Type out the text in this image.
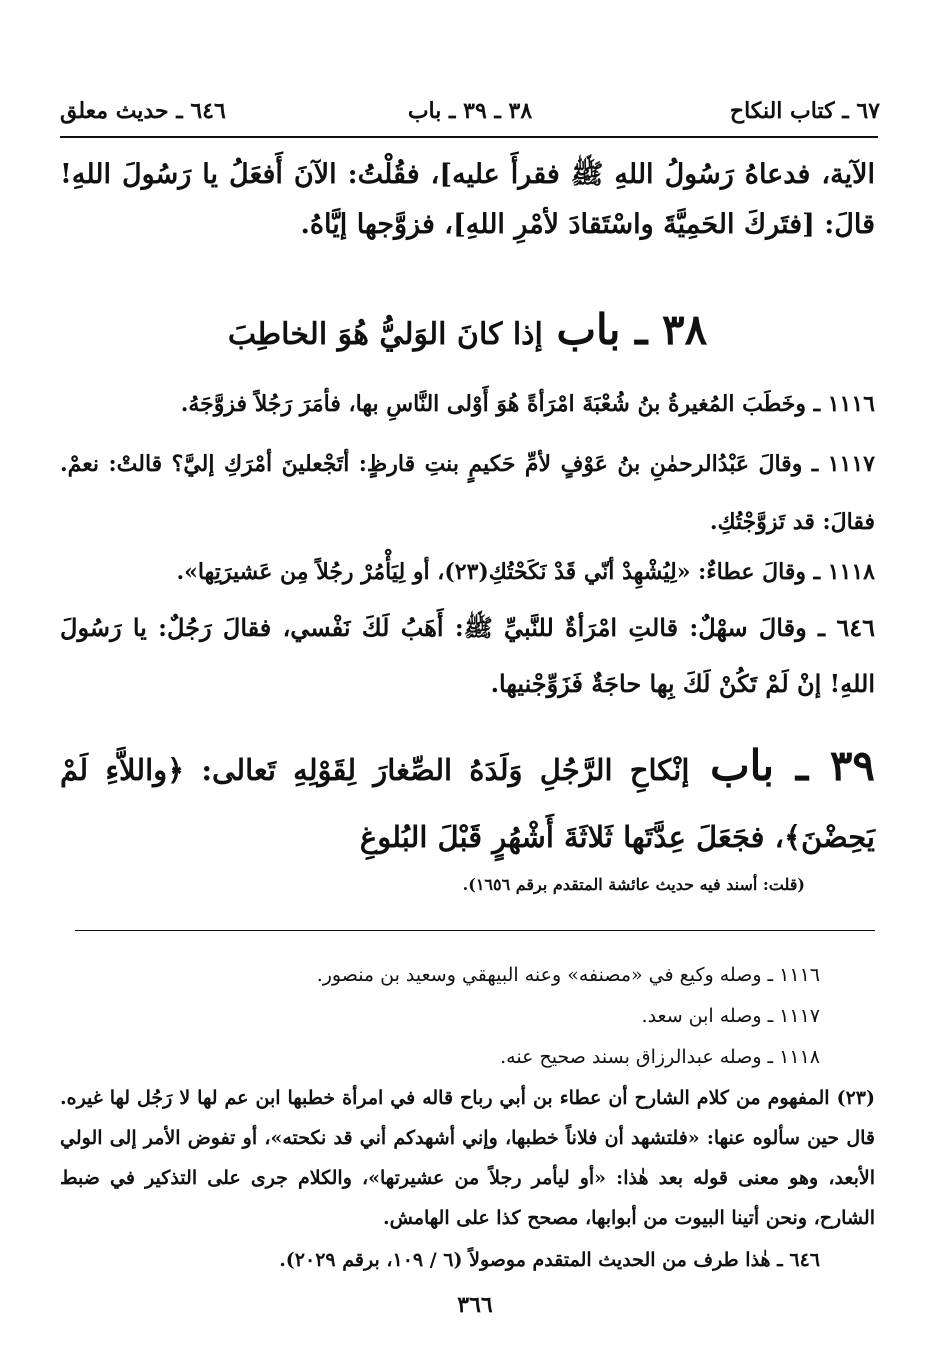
٦٧ ـ كتاب النكاح
٣٨ ـ ٣٩ ـ باب
٦٤٦ ـ حديث معلق
الآية، فدعاهُ رَسُولُ اللهِ ﷺ فقرأَ عليه]، فقُلْتُ: الآنَ أَفعَلُ يا رَسُولَ اللهِ! قالَ: [فتَركَ الحَمِيَّةَ واسْتَقادَ لأمْرِ اللهِ]، فزوَّجها إيَّاهُ.
٣٨ ـ باب إذا كانَ الوَليُّ هُوَ الخاطِبَ
١١١٦ ـ وخَطَبَ المُغيرةُ بنُ شُعْبَةَ امْرَأةً هُوَ أَوْلى النَّاسِ بها، فأمَرَ رَجُلاً فزوَّجَهُ.
١١١٧ ـ وقالَ عَبْدُالرحمٰنِ بنُ عَوْفٍ لأمِّ حَكيمٍ بنتِ قارظٍ: أتَجْعلينَ أمْرَكِ إليَّ؟ قالتْ: نعمْ. فقالَ: قد تَزوَّجْتُكِ.
١١١٨ ـ وقالَ عطاءٌ: «لِيُشْهِدْ أنّي قَدْ نَكَحْتُكِ(٢٣)، أو لِيَأْمُرْ رجُلاً مِن عَشيرَتِها».
٦٤٦ ـ وقالَ سهْلٌ: قالتِ امْرَأةٌ للنَّبيِّ ﷺ: أَهَبُ لَكَ نَفْسي، فقالَ رَجُلٌ: يا رَسُولَ اللهِ! إنْ لَمْ تَكُنْ لَكَ بِها حاجَةٌ فَزَوِّجْنيها.
٣٩ ـ باب إنْكاحِ الرَّجُلِ وَلَدَهُ الصِّغارَ لِقَوْلِهِ تَعالى: ﴿واللاَّءِ لَمْ يَحِضْنَ﴾، فجَعَلَ عِدَّتَها ثَلاثَةَ أَشْهُرٍ قَبْلَ البُلوغِ
(قلت: أسند فيه حديث عائشة المتقدم برقم ١٦٥٦).
١١١٦ ـ وصله وكيع في «مصنفه» وعنه البيهقي وسعيد بن منصور.
١١١٧ ـ وصله ابن سعد.
١١١٨ ـ وصله عبدالرزاق بسند صحيح عنه.
(٢٣) المفهوم من كلام الشارح أن عطاء بن أبي رباح قاله في امرأة خطبها ابن عم لها لا رَجُل لها غيره. قال حين سألوه عنها: «فلتشهد أن فلاناً خطبها، وإني أشهدكم أني قد نكحته»، أو تفوض الأمر إلى الولي الأبعد، وهو معنى قوله بعد هٰذا: «أو ليأمر رجلاً من عشيرتها»، والكلام جرى على التذكير في ضبط الشارح، ونحن أتينا البيوت من أبوابها، مصحح كذا على الهامش.
٦٤٦ ـ هٰذا طرف من الحديث المتقدم موصولاً (٦ / ١٠٩، برقم ٢٠٢٩).
٣٦٦
